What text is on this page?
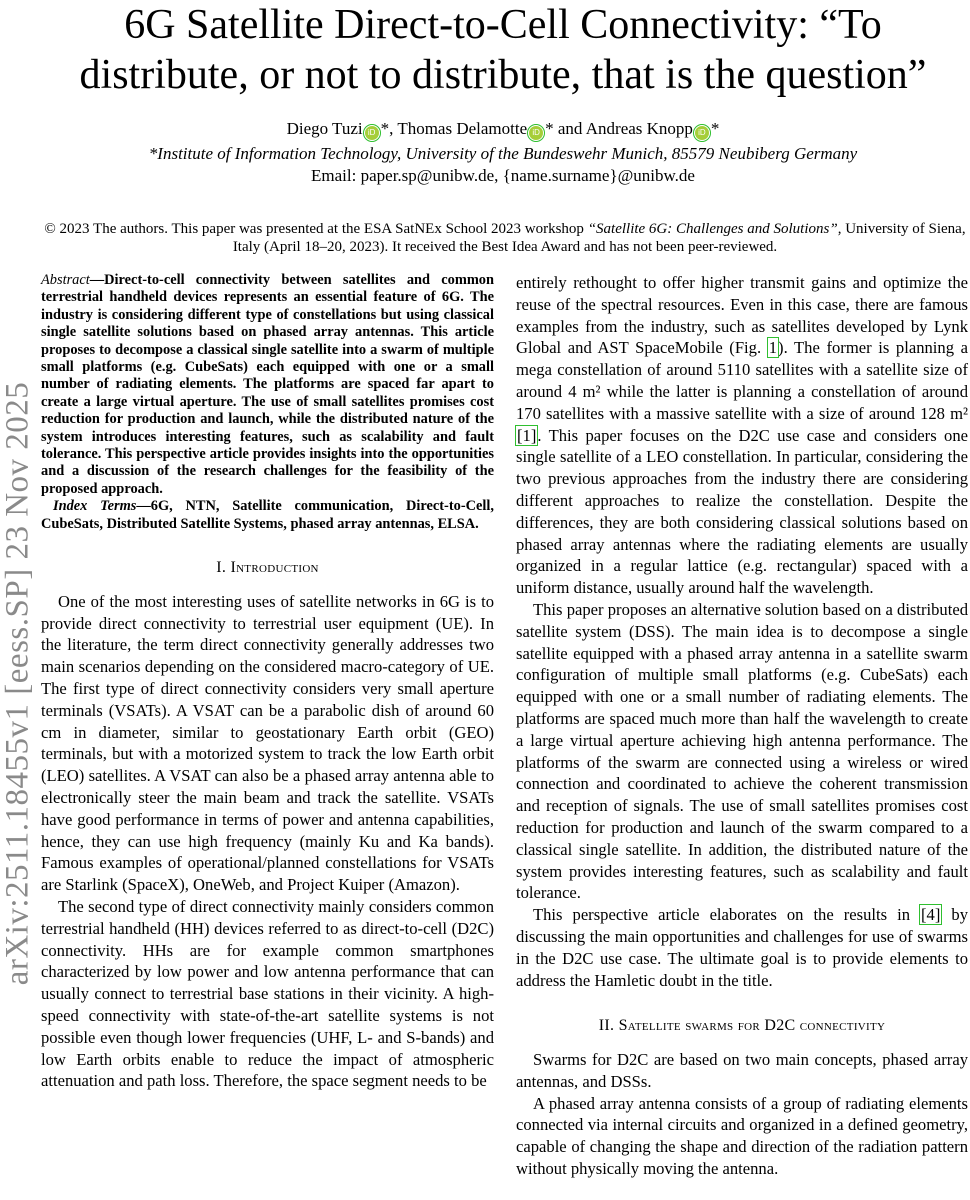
arXiv:2511.18455v1 [eess.SP] 23 Nov 2025
6G Satellite Direct-to-Cell Connectivity: “To distribute, or not to distribute, that is the question”
Diego Tuzi iD *, Thomas Delamotte iD * and Andreas Knopp iD *
*Institute of Information Technology, University of the Bundeswehr Munich, 85579 Neubiberg Germany
Email: paper.sp@unibw.de, {name.surname}@unibw.de
© 2023 The authors. This paper was presented at the ESA SatNEx School 2023 workshop “Satellite 6G: Challenges and Solutions”, University of Siena, Italy (April 18–20, 2023). It received the Best Idea Award and has not been peer-reviewed.

Abstract—Direct-to-cell connectivity between satellites and common terrestrial handheld devices represents an essential feature of 6G. The industry is considering different type of constellations but using classical single satellite solutions based on phased array antennas. This article proposes to decompose a classical single satellite into a swarm of multiple small platforms (e.g. CubeSats) each equipped with one or a small number of radiating elements. The platforms are spaced far apart to create a large virtual aperture. The use of small satellites promises cost reduction for production and launch, while the distributed nature of the system introduces interesting features, such as scalability and fault tolerance. This perspective article provides insights into the opportunities and a discussion of the research challenges for the feasibility of the proposed approach.

Index Terms—6G, NTN, Satellite communication, Direct-to-Cell, CubeSats, Distributed Satellite Systems, phased array antennas, ELSA.

I. Introduction

One of the most interesting uses of satellite networks in 6G is to provide direct connectivity to terrestrial user equipment (UE). In the literature, the term direct connectivity generally addresses two main scenarios depending on the considered macro-category of UE. The first type of direct connectivity considers very small aperture terminals (VSATs). A VSAT can be a parabolic dish of around 60 cm in diameter, similar to geostationary Earth orbit (GEO) terminals, but with a motorized system to track the low Earth orbit (LEO) satellites. A VSAT can also be a phased array antenna able to electronically steer the main beam and track the satellite. VSATs have good performance in terms of power and antenna capabilities, hence, they can use high frequency (mainly Ku and Ka bands). Famous examples of operational/planned constellations for VSATs are Starlink (SpaceX), OneWeb, and Project Kuiper (Amazon).

The second type of direct connectivity mainly considers common terrestrial handheld (HH) devices referred to as direct-to-cell (D2C) connectivity. HHs are for example common smartphones characterized by low power and low antenna performance that can usually connect to terrestrial base stations in their vicinity. A high-speed connectivity with state-of-the-art satellite systems is not possible even though lower frequencies (UHF, L- and S-bands) and low Earth orbits enable to reduce the impact of atmospheric attenuation and path loss. Therefore, the space segment needs to be

entirely rethought to offer higher transmit gains and optimize the reuse of the spectral resources. Even in this case, there are famous examples from the industry, such as satellites developed by Lynk Global and AST SpaceMobile (Fig. 1). The former is planning a mega constellation of around 5110 satellites with a satellite size of around 4 m² while the latter is planning a constellation of around 170 satellites with a massive satellite with a size of around 128 m² [1]. This paper focuses on the D2C use case and considers one single satellite of a LEO constellation. In particular, considering the two previous approaches from the industry there are considering different approaches to realize the constellation. Despite the differences, they are both considering classical solutions based on phased array antennas where the radiating elements are usually organized in a regular lattice (e.g. rectangular) spaced with a uniform distance, usually around half the wavelength.

This paper proposes an alternative solution based on a distributed satellite system (DSS). The main idea is to decompose a single satellite equipped with a phased array antenna in a satellite swarm configuration of multiple small platforms (e.g. CubeSats) each equipped with one or a small number of radiating elements. The platforms are spaced much more than half the wavelength to create a large virtual aperture achieving high antenna performance. The platforms of the swarm are connected using a wireless or wired connection and coordinated to achieve the coherent transmission and reception of signals. The use of small satellites promises cost reduction for production and launch of the swarm compared to a classical single satellite. In addition, the distributed nature of the system provides interesting features, such as scalability and fault tolerance.

This perspective article elaborates on the results in [4] by discussing the main opportunities and challenges for use of swarms in the D2C use case. The ultimate goal is to provide elements to address the Hamletic doubt in the title.

II. Satellite swarms for D2C connectivity

Swarms for D2C are based on two main concepts, phased array antennas, and DSSs.

A phased array antenna consists of a group of radiating elements connected via internal circuits and organized in a defined geometry, capable of changing the shape and direction of the radiation pattern without physically moving the antenna.
